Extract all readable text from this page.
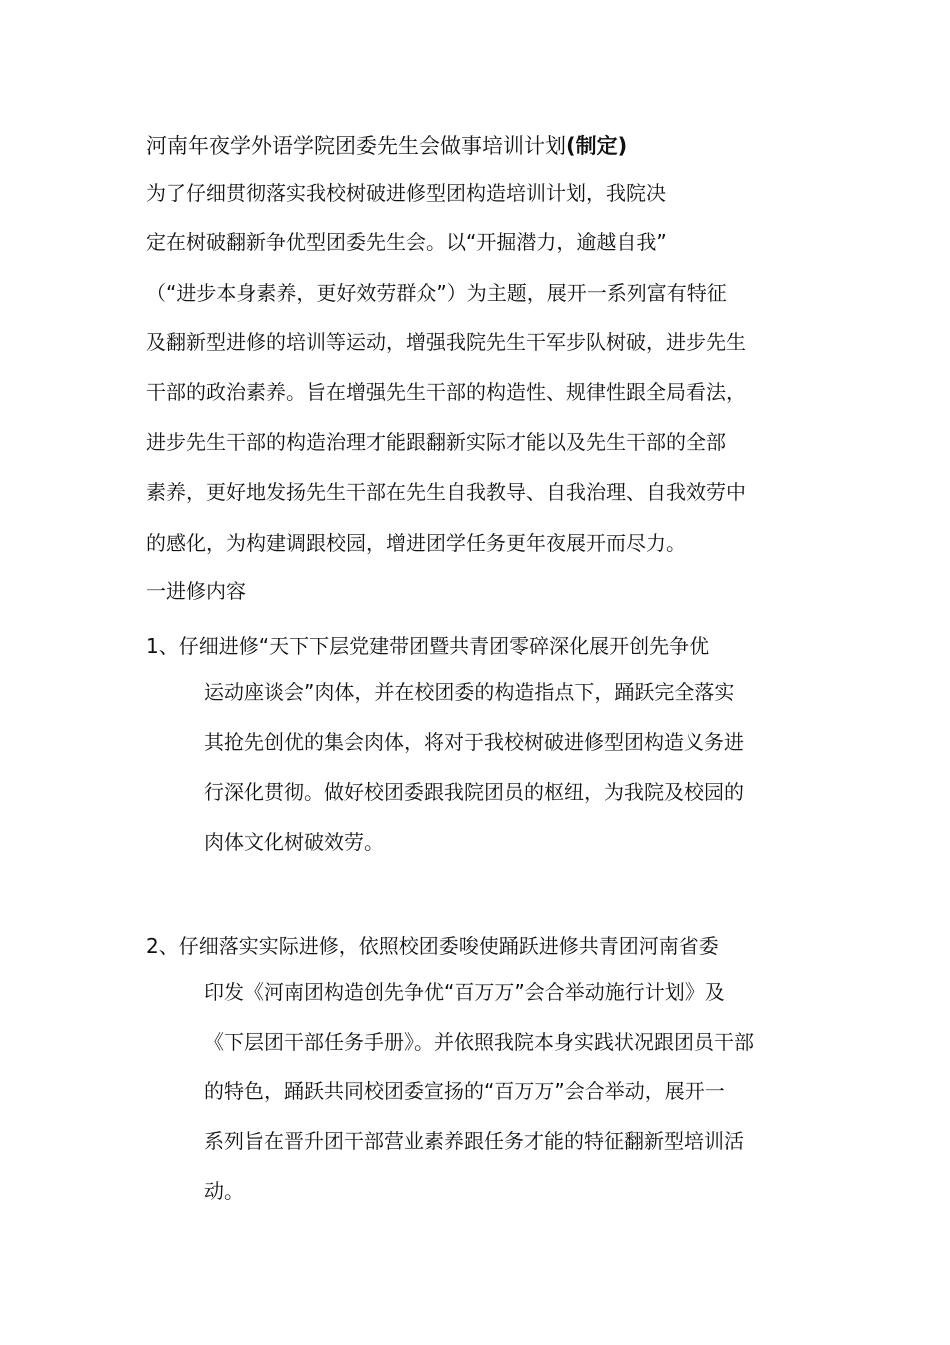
河南年夜学外语学院团委先生会做事培训计划(制定)
为了仔细贯彻落实我校树破进修型团构造培训计划，我院决
定在树破翻新争优型团委先生会。以“开掘潜力，逾越自我”
（“进步本身素养，更好效劳群众”）为主题，展开一系列富有特征
及翻新型进修的培训等运动，增强我院先生干军步队树破，进步先生
干部的政治素养。旨在增强先生干部的构造性、规律性跟全局看法，
进步先生干部的构造治理才能跟翻新实际才能以及先生干部的全部
素养，更好地发扬先生干部在先生自我教导、自我治理、自我效劳中
的感化，为构建调跟校园，增进团学任务更年夜展开而尽力。
一进修内容
1、仔细进修“天下下层党建带团暨共青团零碎深化展开创先争优
运动座谈会”肉体，并在校团委的构造指点下，踊跃完全落实
其抢先创优的集会肉体，将对于我校树破进修型团构造义务进
行深化贯彻。做好校团委跟我院团员的枢纽，为我院及校园的
肉体文化树破效劳。
2、仔细落实实际进修，依照校团委唆使踊跃进修共青团河南省委
印发《河南团构造创先争优“百万万”会合举动施行计划》及
《下层团干部任务手册》。并依照我院本身实践状况跟团员干部
的特色，踊跃共同校团委宣扬的“百万万”会合举动，展开一
系列旨在晋升团干部营业素养跟任务才能的特征翻新型培训活
动。
